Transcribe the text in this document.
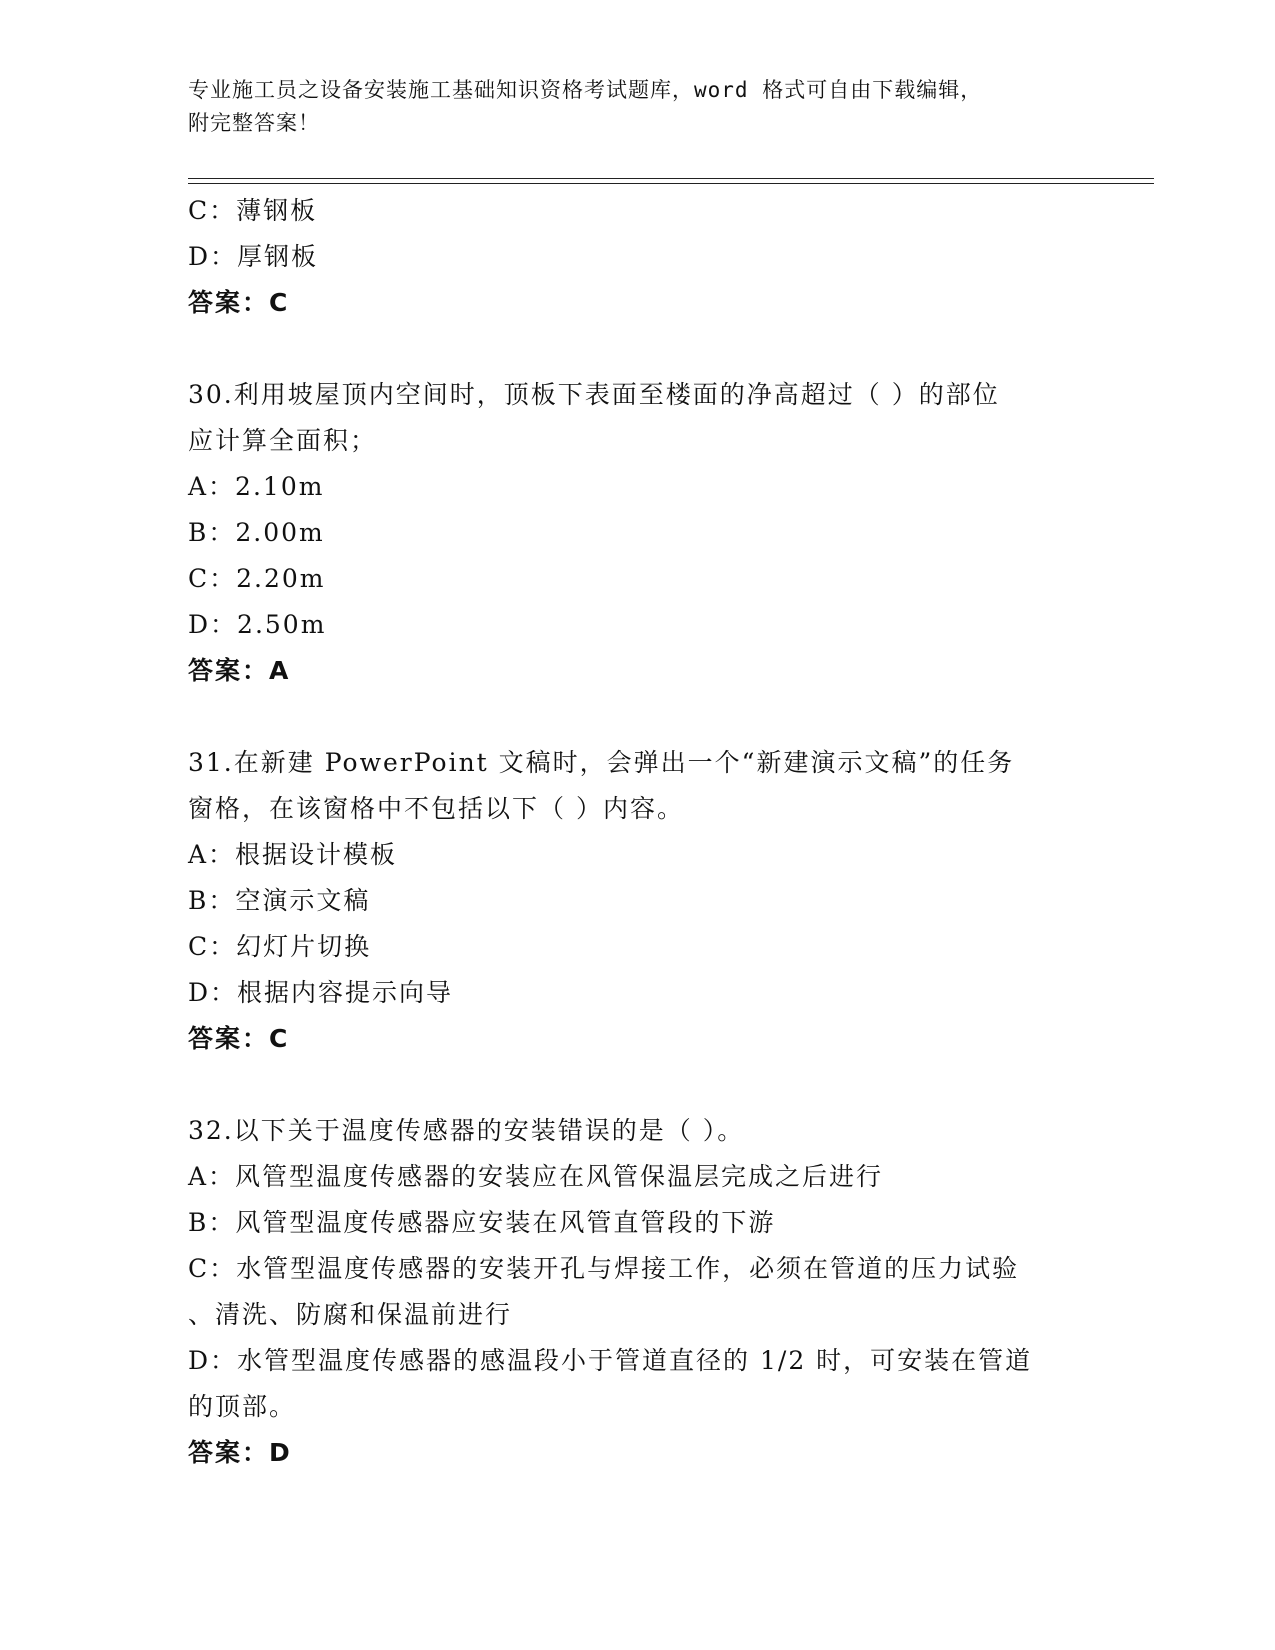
专业施工员之设备安装施工基础知识资格考试题库，word 格式可自由下载编辑，
附完整答案！
C：薄钢板
D：厚钢板
答案：C
30.利用坡屋顶内空间时，顶板下表面至楼面的净高超过（ ）的部位
应计算全面积；
A：2.10m
B：2.00m
C：2.20m
D：2.50m
答案：A
31.在新建 PowerPoint 文稿时，会弹出一个“新建演示文稿”的任务
窗格，在该窗格中不包括以下（ ）内容。
A：根据设计模板
B：空演示文稿
C：幻灯片切换
D：根据内容提示向导
答案：C
32.以下关于温度传感器的安装错误的是（ ）。
A：风管型温度传感器的安装应在风管保温层完成之后进行
B：风管型温度传感器应安装在风管直管段的下游
C：水管型温度传感器的安装开孔与焊接工作，必须在管道的压力试验
、清洗、防腐和保温前进行
D：水管型温度传感器的感温段小于管道直径的 1/2 时，可安装在管道
的顶部。
答案：D
